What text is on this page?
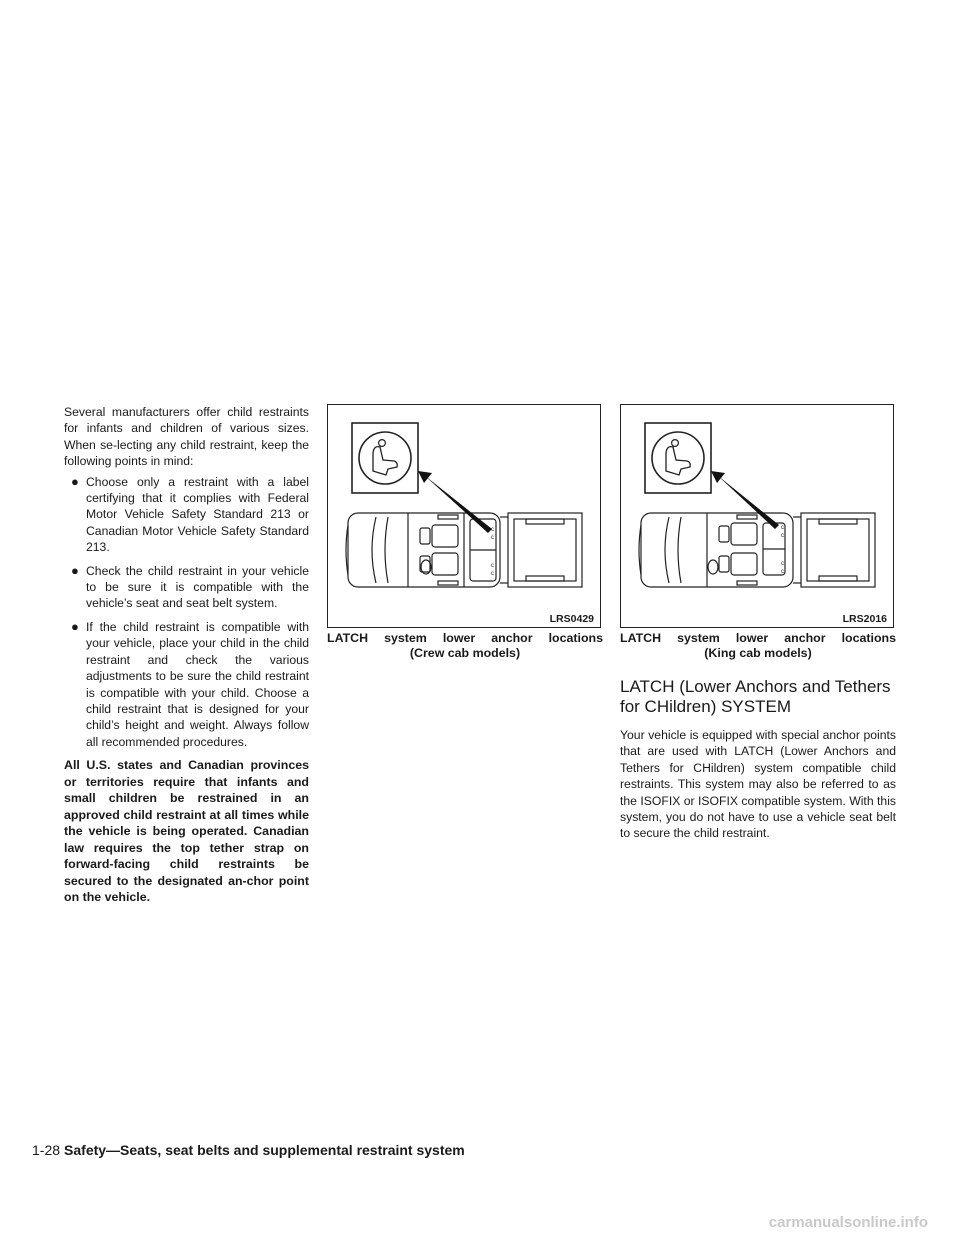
Several manufacturers offer child restraints for infants and children of various sizes. When se-lecting any child restraint, keep the following points in mind:

● Choose only a restraint with a label certifying that it complies with Federal Motor Vehicle Safety Standard 213 or Canadian Motor Vehicle Safety Standard 213.
● Check the child restraint in your vehicle to be sure it is compatible with the vehicle’s seat and seat belt system.
● If the child restraint is compatible with your vehicle, place your child in the child restraint and check the various adjustments to be sure the child restraint is compatible with your child. Choose a child restraint that is designed for your child’s height and weight. Always follow all recommended procedures.

All U.S. states and Canadian provinces or territories require that infants and small children be restrained in an approved child restraint at all times while the vehicle is being operated. Canadian law requires the top tether strap on forward-facing child restraints be secured to the designated an-chor point on the vehicle.

c
c
c
c
LRS0429
LATCH system lower anchor locations
(Crew cab models)
c
c
c
c
LRS2016
LATCH system lower anchor locations
(King cab models)
LATCH (Lower Anchors and Tethers for CHildren) SYSTEM

Your vehicle is equipped with special anchor points that are used with LATCH (Lower Anchors and Tethers for CHildren) system compatible child restraints. This system may also be referred to as the ISOFIX or ISOFIX compatible system. With this system, you do not have to use a vehicle seat belt to secure the child restraint.

1-28 Safety—Seats, seat belts and supplemental restraint system
carmanualsonline.info
